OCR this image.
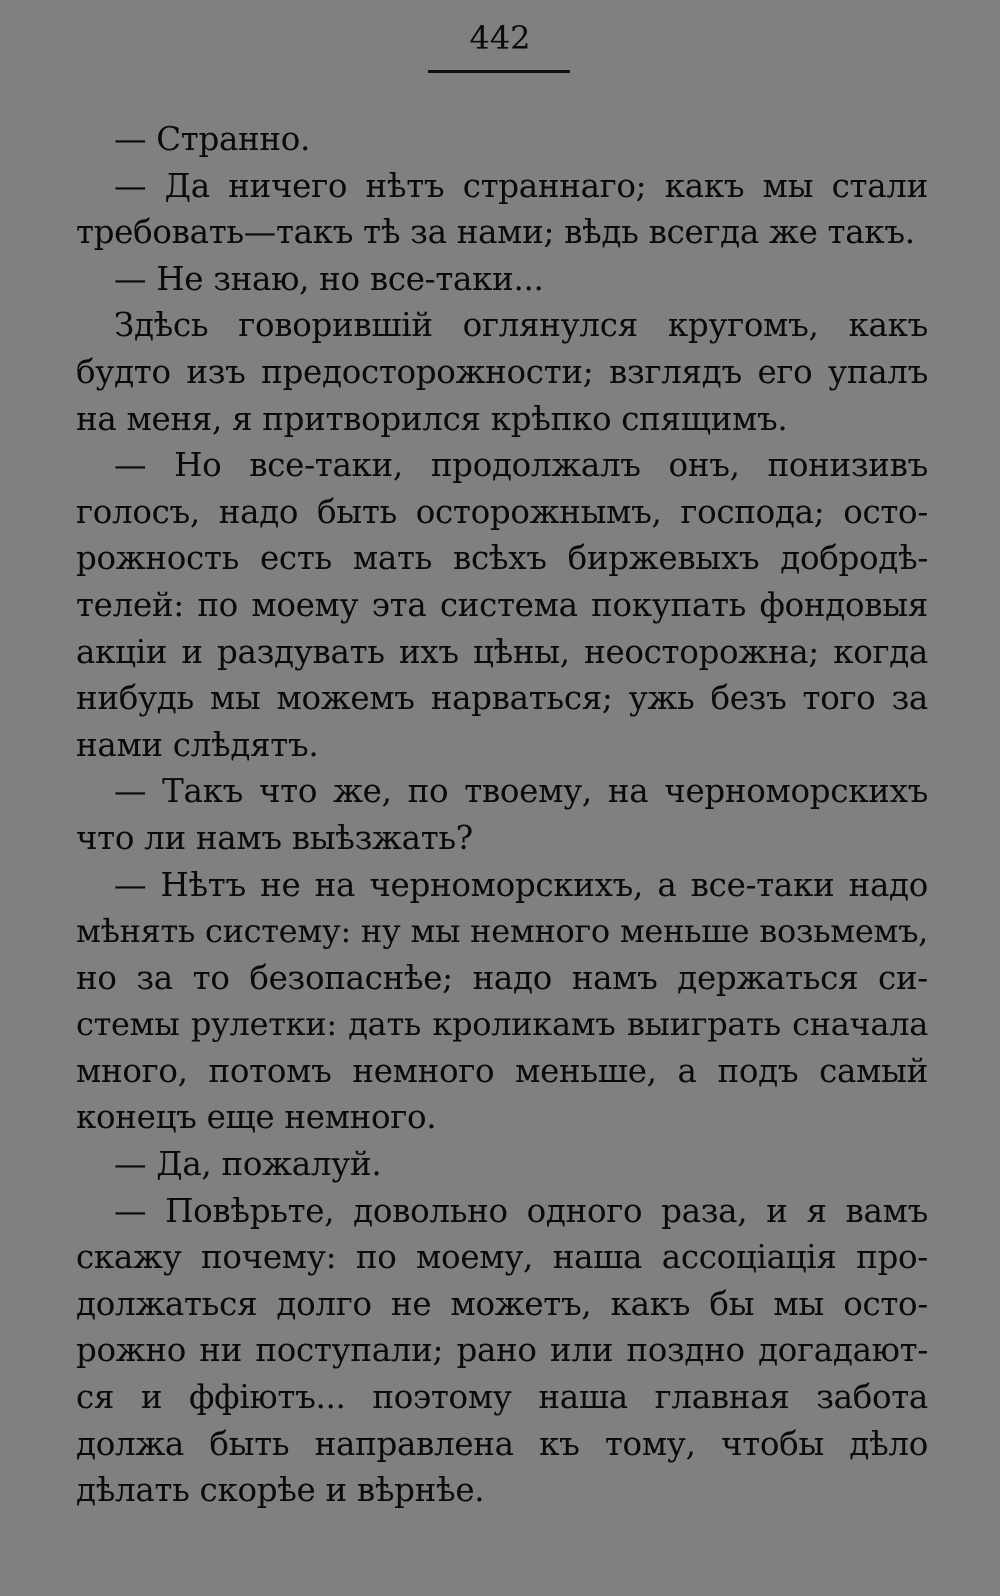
442
— Странно.
— Да ничего нѣтъ страннаго; какъ мы стали
требовать—такъ тѣ за нами; вѣдь всегда же такъ.
— Не знаю, но все-таки...
Здѣсь говорившій оглянулся кругомъ, какъ
будто изъ предосторожности; взглядъ его упалъ
на меня, я притворился крѣпко спящимъ.
— Но все-таки, продолжалъ онъ, понизивъ
голосъ, надо быть осторожнымъ, господа; осто-
рожность есть мать всѣхъ биржевыхъ добродѣ-
телей: по моему эта система покупать фондовыя
акціи и раздувать ихъ цѣны, неосторожна; когда
нибудь мы можемъ нарваться; ужь безъ того за
нами слѣдятъ.
— Такъ что же, по твоему, на черноморскихъ
что ли намъ выѣзжать?
— Нѣтъ не на черноморскихъ, а все-таки надо
мѣнять систему: ну мы немного меньше возьмемъ,
но за то безопаснѣе; надо намъ держаться си-
стемы рулетки: дать кроликамъ выиграть сначала
много, потомъ немного меньше, а подъ самый
конецъ еще немного.
— Да, пожалуй.
— Повѣрьте, довольно одного раза, и я вамъ
скажу почему: по моему, наша ассоціація про-
должаться долго не можетъ, какъ бы мы осто-
рожно ни поступали; рано или поздно догадают-
ся и ффіютъ... поэтому наша главная забота
должа быть направлена къ тому, чтобы дѣло
дѣлать скорѣе и вѣрнѣе.
